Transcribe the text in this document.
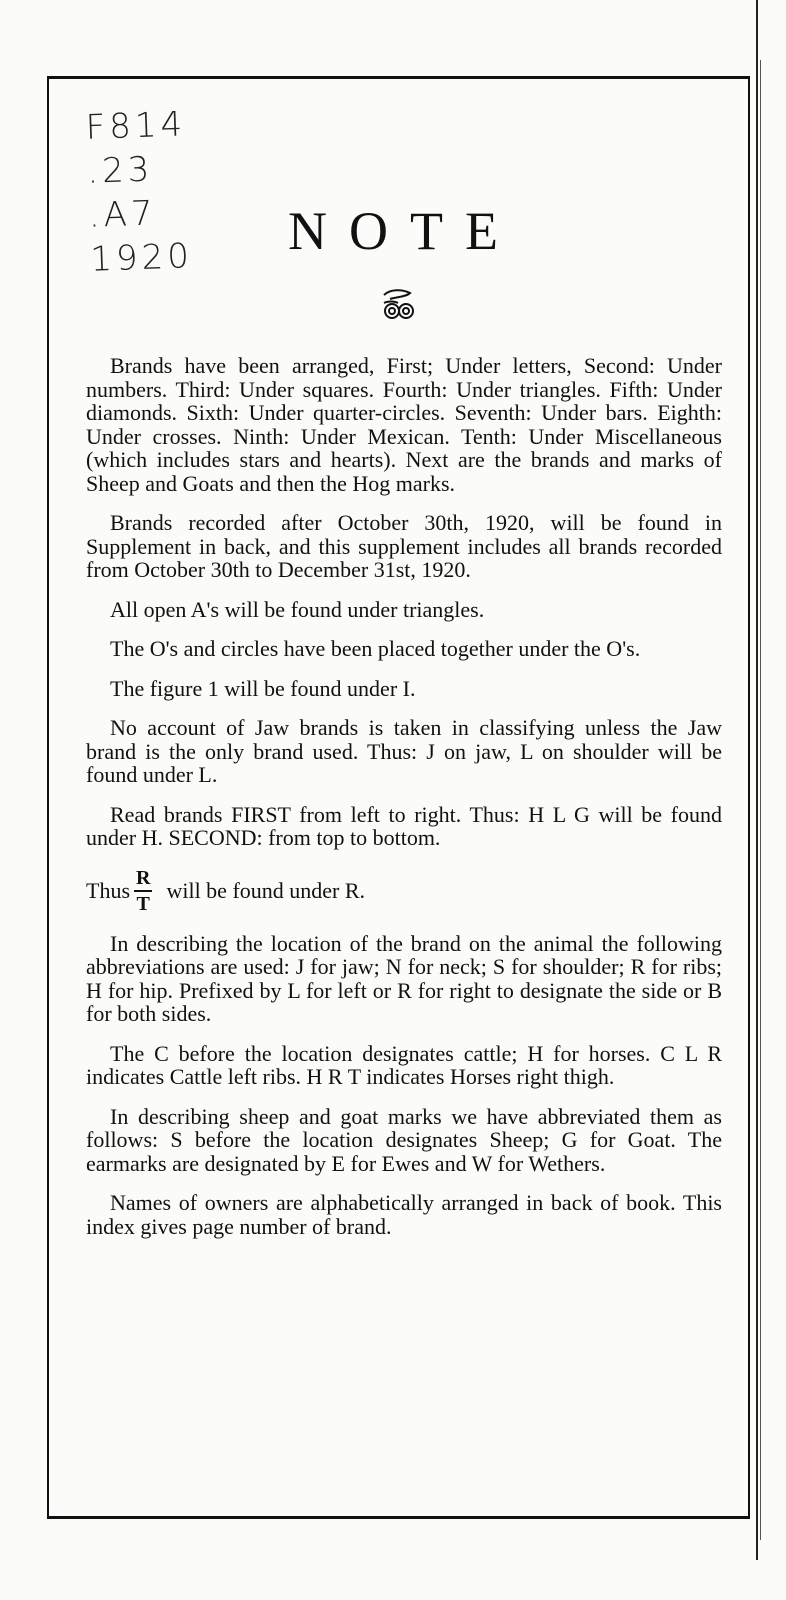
F814
.23
.A7
1920	NOTE

Brands have been arranged, First; Under letters, Second: Under numbers. Third: Under squares. Fourth: Under triangles. Fifth: Under diamonds. Sixth: Under quarter-circles. Seventh: Under bars. Eighth: Under crosses. Ninth: Under Mexican. Tenth: Under Miscellaneous (which includes stars and hearts). Next are the brands and marks of Sheep and Goats and then the Hog marks.

Brands recorded after October 30th, 1920, will be found in Supplement in back, and this supplement includes all brands recorded from October 30th to December 31st, 1920.

All open A's will be found under triangles.

The O's and circles have been placed together under the O's.

The figure 1 will be found under I.

No account of Jaw brands is taken in classifying unless the Jaw brand is the only brand used. Thus: J on jaw, L on shoulder will be found under L.

Read brands FIRST from left to right. Thus: H L G will be found under H. SECOND: from top to bottom.

Thus $\frac{R}{T}$ will be found under R.

In describing the location of the brand on the animal the following abbreviations are used: J for jaw; N for neck; S for shoulder; R for ribs; H for hip. Prefixed by L for left or R for right to designate the side or B for both sides.

The C before the location designates cattle; H for horses. C L R indicates Cattle left ribs. H R T indicates Horses right thigh.

In describing sheep and goat marks we have abbreviated them as follows: S before the location designates Sheep; G for Goat. The earmarks are designated by E for Ewes and W for Wethers.

Names of owners are alphabetically arranged in back of book. This index gives page number of brand.
